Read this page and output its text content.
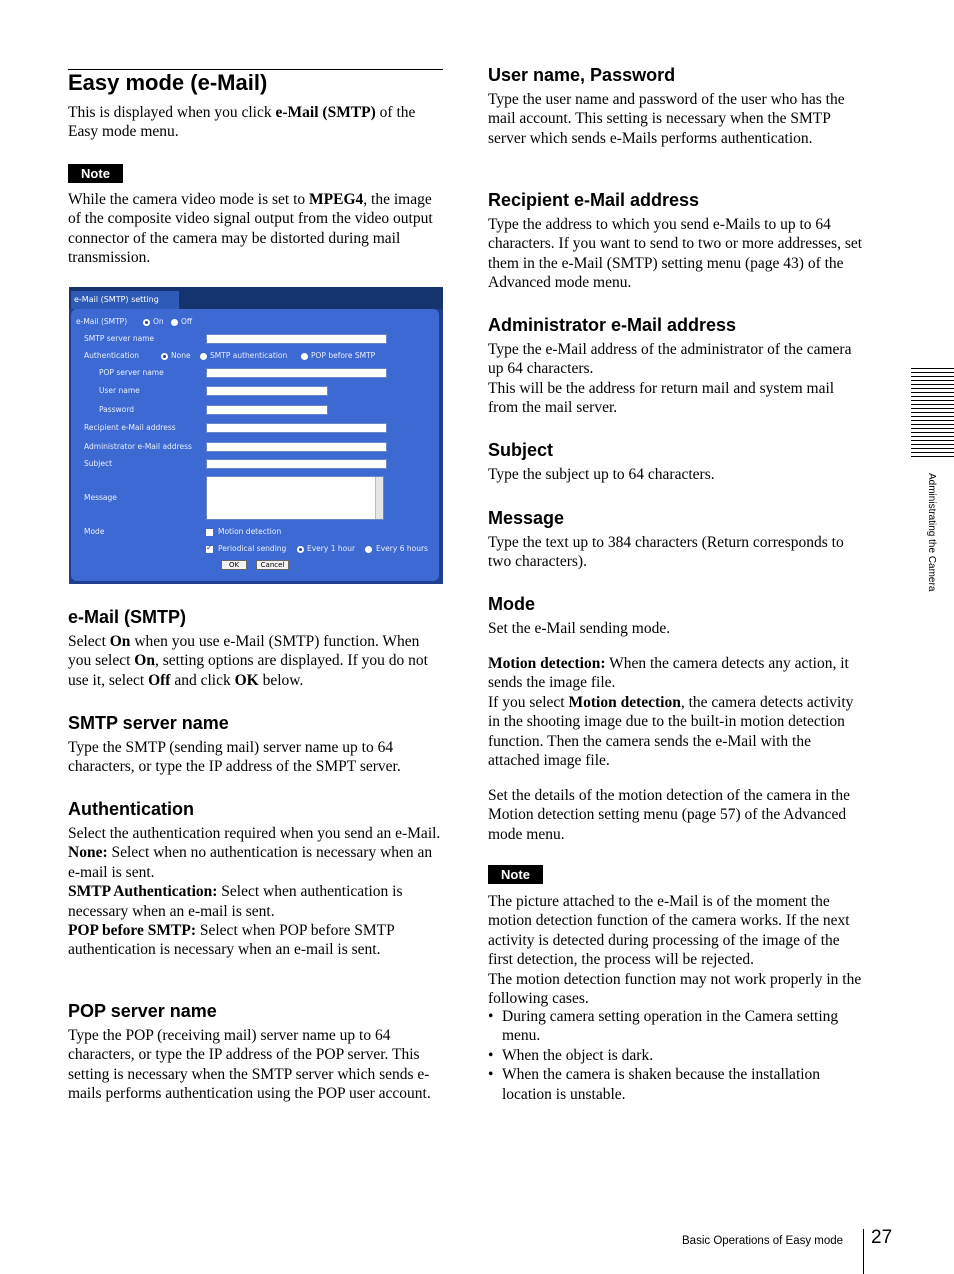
Easy mode (e-Mail)

This is displayed when you click e-Mail (SMTP) of the Easy mode menu.

Note

While the camera video mode is set to MPEG4, the image of the composite video signal output from the video output connector of the camera may be distorted during mail transmission.

e-Mail (SMTP) setting
e-Mail (SMTP)	On Off
SMTP server name
Authentication	None	SMTP authentication	POP before SMTP
POP server name
User name
Password
Recipient e-Mail address
Administrator e-Mail address
Subject
Message
Mode	Motion detection
✓
Periodical sending	Every 1 hour	Every 6 hours
OK	Cancel
e-Mail (SMTP)

Select On when you use e-Mail (SMTP) function. When you select On, setting options are displayed. If you do not use it, select Off and click OK below.

SMTP server name

Type the SMTP (sending mail) server name up to 64 characters, or type the IP address of the SMPT server.

Authentication

Select the authentication required when you send an e-Mail.
None: Select when no authentication is necessary when an e-mail is sent.
SMTP Authentication: Select when authentication is necessary when an e-mail is sent.
POP before SMTP: Select when POP before SMTP authentication is necessary when an e-mail is sent.

POP server name

Type the POP (receiving mail) server name up to 64 characters, or type the IP address of the POP server. This setting is necessary when the SMTP server which sends e-mails performs authentication using the POP user account.

User name, Password

Type the user name and password of the user who has the mail account. This setting is necessary when the SMTP server which sends e-Mails performs authentication.

Recipient e-Mail address

Type the address to which you send e-Mails to up to 64 characters. If you want to send to two or more addresses, set them in the e-Mail (SMTP) setting menu (page 43) of the Advanced mode menu.

Administrator e-Mail address

Type the e-Mail address of the administrator of the camera up 64 characters.
This will be the address for return mail and system mail from the mail server.

Subject

Type the subject up to 64 characters.

Message

Type the text up to 384 characters (Return corresponds to two characters).

Mode

Set the e-Mail sending mode.

Motion detection: When the camera detects any action, it sends the image file.
If you select Motion detection, the camera detects activity in the shooting image due to the built-in motion detection function. Then the camera sends the e-Mail with the attached image file.

Set the details of the motion detection of the camera in the Motion detection setting menu (page 57) of the Advanced mode menu.

Note

The picture attached to the e-Mail is of the moment the motion detection function of the camera works. If the next activity is detected during processing of the image of the first detection, the process will be rejected.
The motion detection function may not work properly in the following cases.

• During camera setting operation in the Camera setting menu.
• When the object is dark.
• When the camera is shaken because the installation location is unstable.
Administrating the Camera
Basic Operations of Easy mode 27
